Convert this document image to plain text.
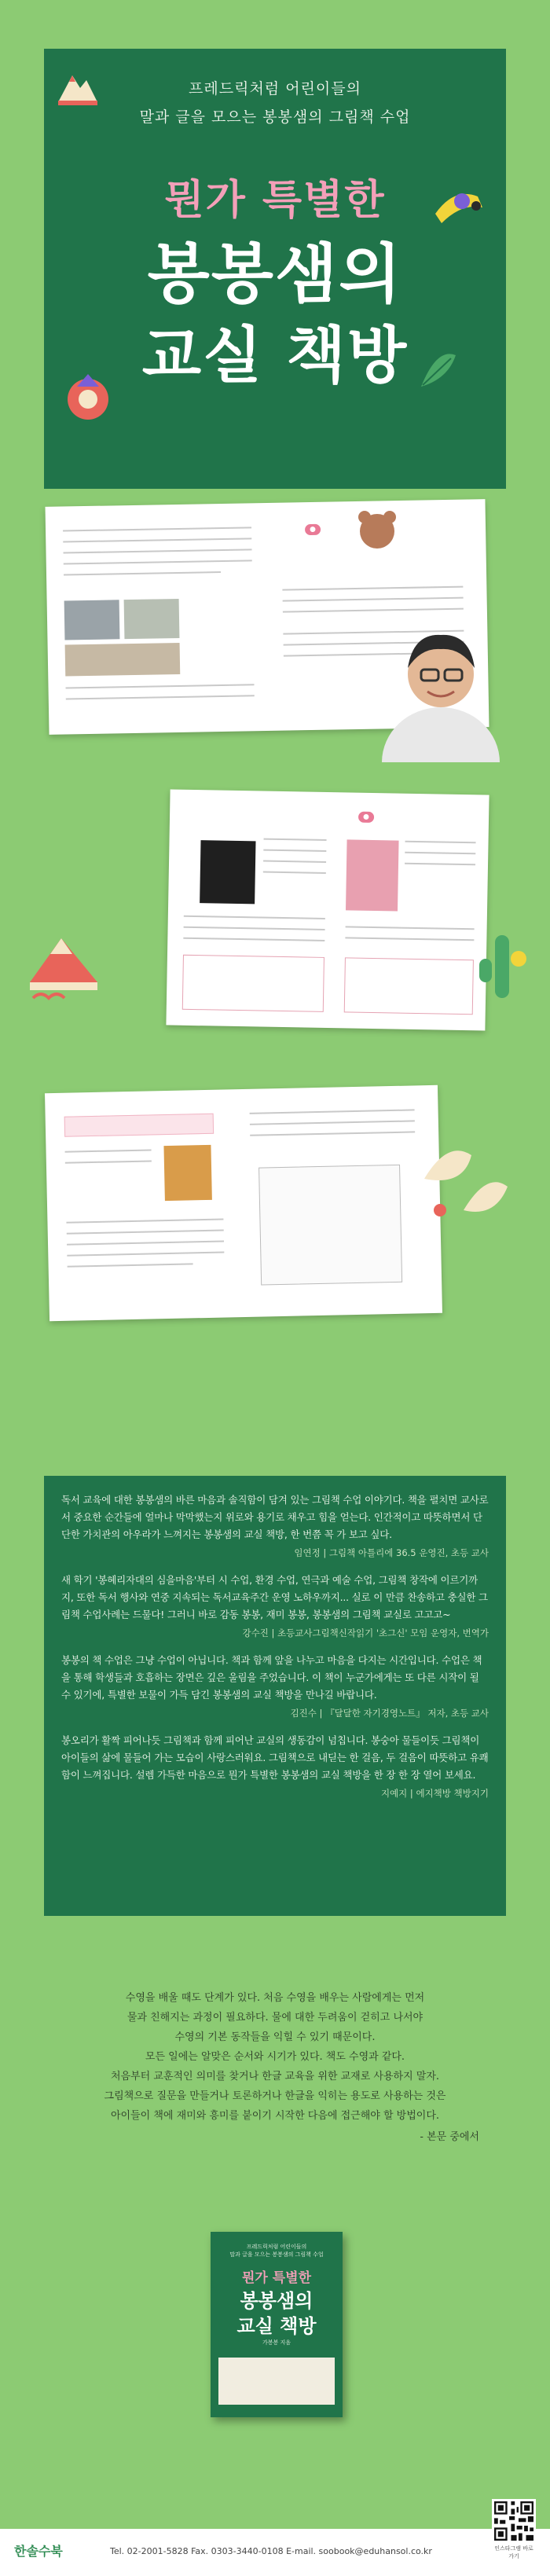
프레드릭처럼 어린이들의
말과 글을 모으는 봉봉샘의 그림책 수업
뭔가 특별한
봉봉샘의
교실 책방
●
●

독서 교육에 대한 봉봉샘의 바른 마음과 솔직함이 담겨 있는 그림책 수업 이야기다. 책을 펼치면 교사로서 중요한 순간들에 얼마나 막막했는지 위로와 용기로 채우고 힘을 얻는다. 인간적이고 따뜻하면서 단단한 가치관의 아우라가 느껴지는 봉봉샘의 교실 책방, 한 번쯤 꼭 가 보고 싶다.

임연정 | 그림책 아틀리에 36.5 운영진, 초등 교사

새 학기 '봉혜리자대의 심을마음'부터 시 수업, 환경 수업, 연극과 예술 수업, 그림책 창작에 이르기까지, 또한 독서 행사와 연중 지속되는 독서교육주간 운영 노하우까지... 실로 이 만큼 찬송하고 충실한 그림책 수업사례는 드물다! 그러니 바로 감동 봉봉, 재미 봉봉, 봉봉샘의 그림책 교실로 고고고~

강수진 | 초등교사그림책신작읽기 '초그신' 모임 운영자, 번역가

봉봉의 책 수업은 그냥 수업이 아닙니다. 책과 함께 앞을 나누고 마음을 다지는 시간입니다. 수업은 책을 통해 학생들과 호흡하는 장면은 깊은 울림을 주었습니다. 이 책이 누군가에게는 또 다른 시작이 될 수 있기에, 특별한 보물이 가득 담긴 봉봉샘의 교실 책방을 만나길 바랍니다.

김진수 | 『달달한 자기경영노트』 저자, 초등 교사

봉오리가 활짝 피어나듯 그림책과 함께 피어난 교실의 생동감이 넘칩니다. 봉숭아 물들이듯 그림책이 아이들의 삶에 물들어 가는 모습이 사랑스러워요. 그림책으로 내딛는 한 걸음, 두 걸음이 따뜻하고 유쾌함이 느껴집니다. 설렘 가득한 마음으로 뭔가 특별한 봉봉샘의 교실 책방을 한 장 한 장 열어 보세요.

지예지 | 에지책방 책방지기

수영을 배울 때도 단계가 있다. 처음 수영을 배우는 사람에게는 먼저
물과 친해지는 과정이 필요하다. 물에 대한 두려움이 걷히고 나서야
수영의 기본 동작들을 익힐 수 있기 때문이다.
모든 일에는 알맞은 순서와 시기가 있다. 책도 수영과 같다.
처음부터 교훈적인 의미를 찾거나 한글 교육을 위한 교재로 사용하지 말자.
그림책으로 질문을 만들거나 토론하거나 한글을 익히는 용도로 사용하는 것은
아이들이 책에 재미와 흥미를 붙이기 시작한 다음에 접근해야 할 방법이다.
- 본문 중에서
프레드릭처럼 어린이들의
말과 글을 모으는 봉봉샘의 그림책 수업
뭔가 특별한
봉봉샘의
교실 책방
가봉봉 지음
한솔수북	Tel. 02-2001-5828 Fax. 0303-3440-0108 E-mail. soobook@eduhansol.co.kr	인스타그램 바로가기
